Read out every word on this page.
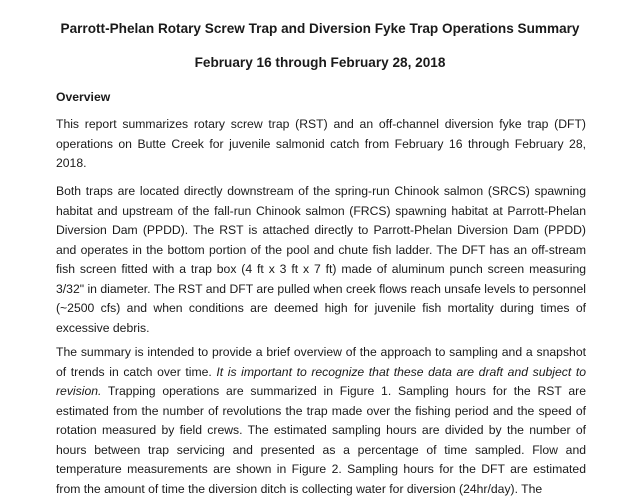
Parrott-Phelan Rotary Screw Trap and Diversion Fyke Trap Operations Summary
February 16 through February 28, 2018
Overview
This report summarizes rotary screw trap (RST) and an off-channel diversion fyke trap (DFT) operations on Butte Creek for juvenile salmonid catch from February 16 through February 28, 2018.
Both traps are located directly downstream of the spring-run Chinook salmon (SRCS) spawning habitat and upstream of the fall-run Chinook salmon (FRCS) spawning habitat at Parrott-Phelan Diversion Dam (PPDD). The RST is attached directly to Parrott-Phelan Diversion Dam (PPDD) and operates in the bottom portion of the pool and chute fish ladder. The DFT has an off-stream fish screen fitted with a trap box (4 ft x 3 ft x 7 ft) made of aluminum punch screen measuring 3/32" in diameter. The RST and DFT are pulled when creek flows reach unsafe levels to personnel (~2500 cfs) and when conditions are deemed high for juvenile fish mortality during times of excessive debris.
The summary is intended to provide a brief overview of the approach to sampling and a snapshot of trends in catch over time. It is important to recognize that these data are draft and subject to revision. Trapping operations are summarized in Figure 1. Sampling hours for the RST are estimated from the number of revolutions the trap made over the fishing period and the speed of rotation measured by field crews. The estimated sampling hours are divided by the number of hours between trap servicing and presented as a percentage of time sampled. Flow and temperature measurements are shown in Figure 2. Sampling hours for the DFT are estimated from the amount of time the diversion ditch is collecting water for diversion (24hr/day). The
